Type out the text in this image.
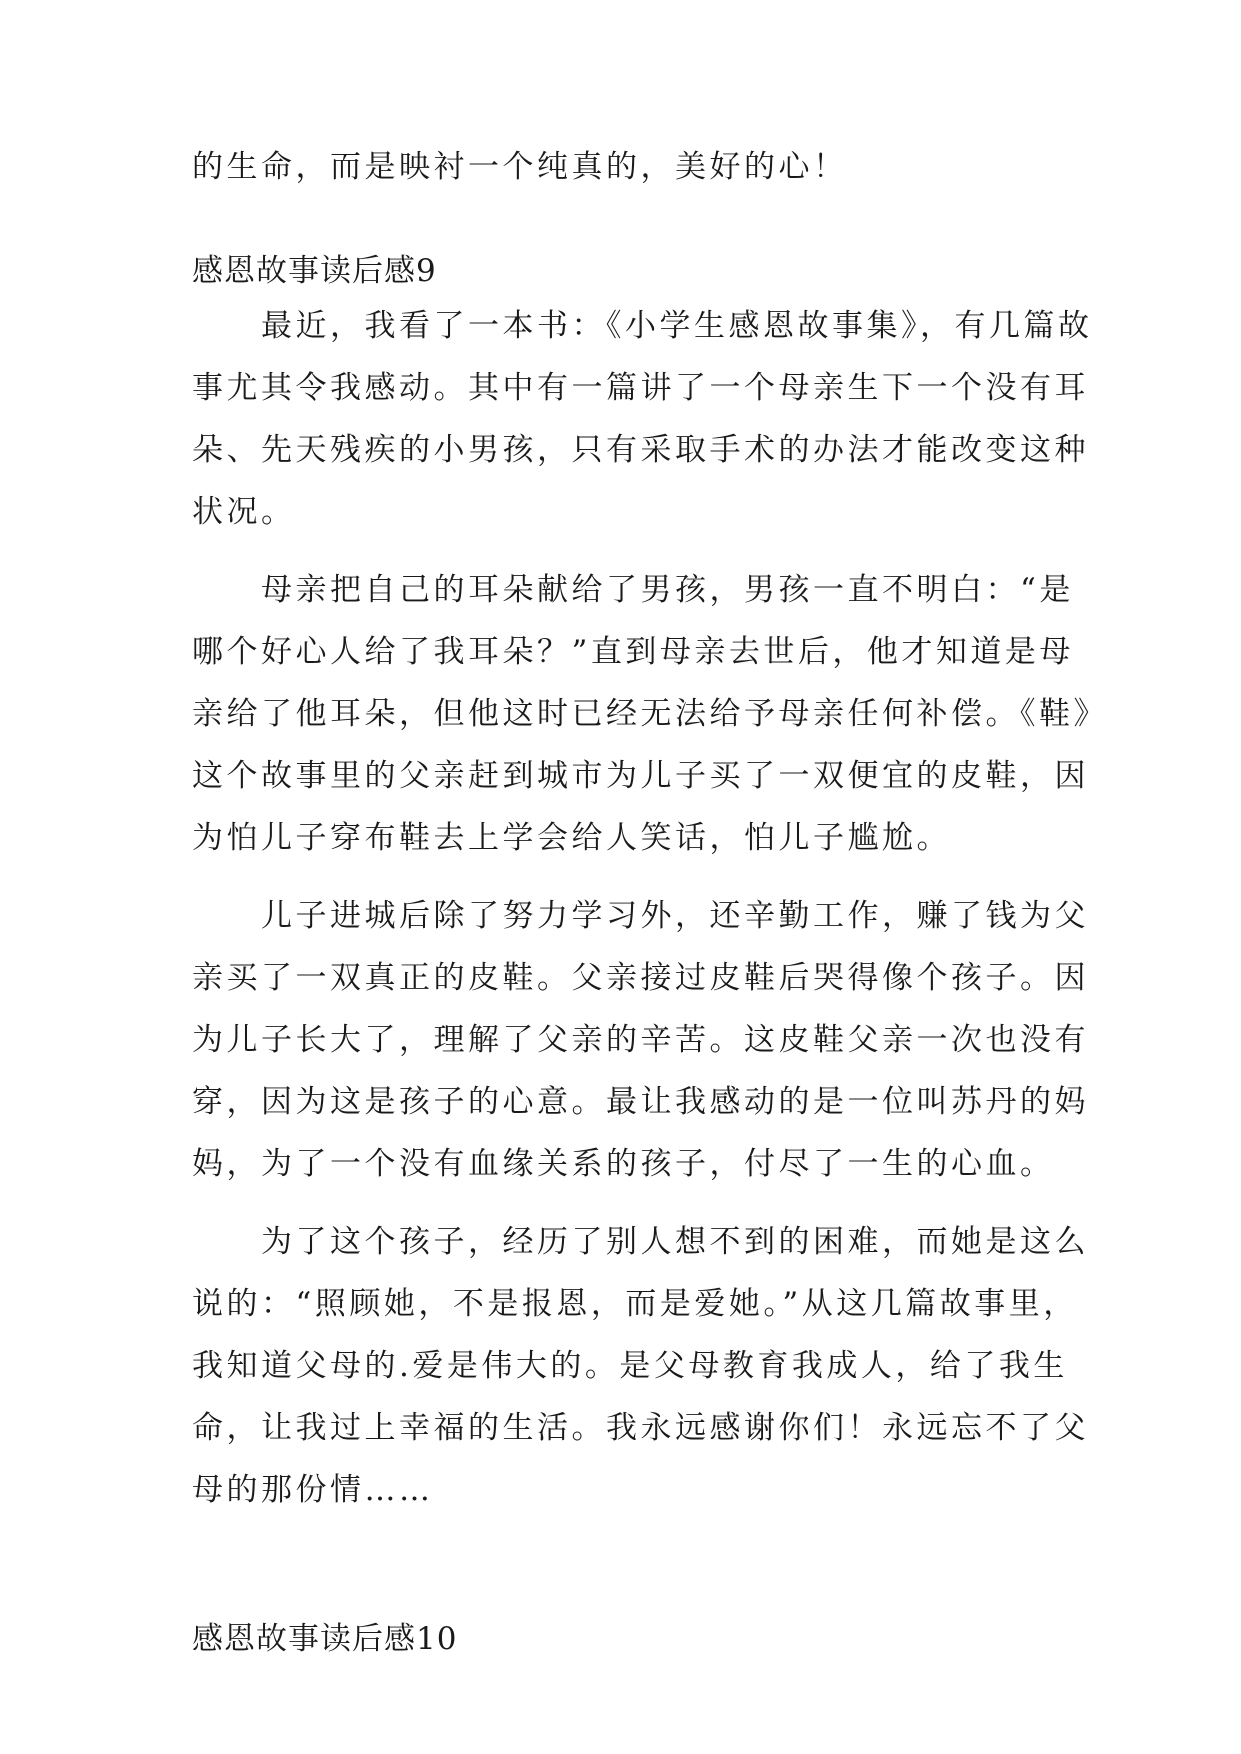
的生命，而是映衬一个纯真的，美好的心！
感恩故事读后感9
　　最近，我看了一本书：《小学生感恩故事集》，有几篇故
事尤其令我感动。其中有一篇讲了一个母亲生下一个没有耳
朵、先天残疾的小男孩，只有采取手术的办法才能改变这种
状况。
　　母亲把自己的耳朵献给了男孩，男孩一直不明白：“是
哪个好心人给了我耳朵？”直到母亲去世后，他才知道是母
亲给了他耳朵，但他这时已经无法给予母亲任何补偿。《鞋》
这个故事里的父亲赶到城市为儿子买了一双便宜的皮鞋，因
为怕儿子穿布鞋去上学会给人笑话，怕儿子尴尬。
　　儿子进城后除了努力学习外，还辛勤工作，赚了钱为父
亲买了一双真正的皮鞋。父亲接过皮鞋后哭得像个孩子。因
为儿子长大了，理解了父亲的辛苦。这皮鞋父亲一次也没有
穿，因为这是孩子的心意。最让我感动的是一位叫苏丹的妈
妈，为了一个没有血缘关系的孩子，付尽了一生的心血。
　　为了这个孩子，经历了别人想不到的困难，而她是这么
说的：“照顾她，不是报恩，而是爱她。”从这几篇故事里，
我知道父母的.爱是伟大的。是父母教育我成人，给了我生
命，让我过上幸福的生活。我永远感谢你们！永远忘不了父
母的那份情……
感恩故事读后感10
